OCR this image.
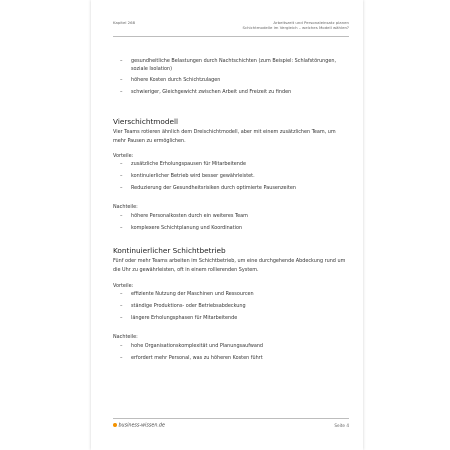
Kapitel 268	Arbeitszeit und Personaleinsatz planen
Schichtmodelle im Vergleich – welches Modell wählen?
– gesundheitliche Belastungen durch Nachtschichten (zum Beispiel: Schlafstörungen, soziale Isolation)
– höhere Kosten durch Schichtzulagen
– schwieriger, Gleichgewicht zwischen Arbeit und Freizeit zu finden
Vierschichtmodell

Vier Teams rotieren ähnlich dem Dreischichtmodell, aber mit einem zusätzlichen Team, um mehr Pausen zu ermöglichen.

Vorteile:

– zusätzliche Erholungspausen für Mitarbeitende
– kontinuierlicher Betrieb wird besser gewährleistet.
– Reduzierung der Gesundheitsrisiken durch optimierte Pausenzeiten

Nachteile:

– höhere Personalkosten durch ein weiteres Team
– komplexere Schichtplanung und Koordination
Kontinuierlicher Schichtbetrieb

Fünf oder mehr Teams arbeiten im Schichtbetrieb, um eine durchgehende Abdeckung rund um die Uhr zu gewährleisten, oft in einem rollierenden System.

Vorteile:

– effiziente Nutzung der Maschinen und Ressourcen
– ständige Produktions- oder Betriebsabdeckung
– längere Erholungsphasen für Mitarbeitende

Nachteile:

– hohe Organisationskomplexität und Planungsaufwand
– erfordert mehr Personal, was zu höheren Kosten führt
business-wissen.de	Seite 4
